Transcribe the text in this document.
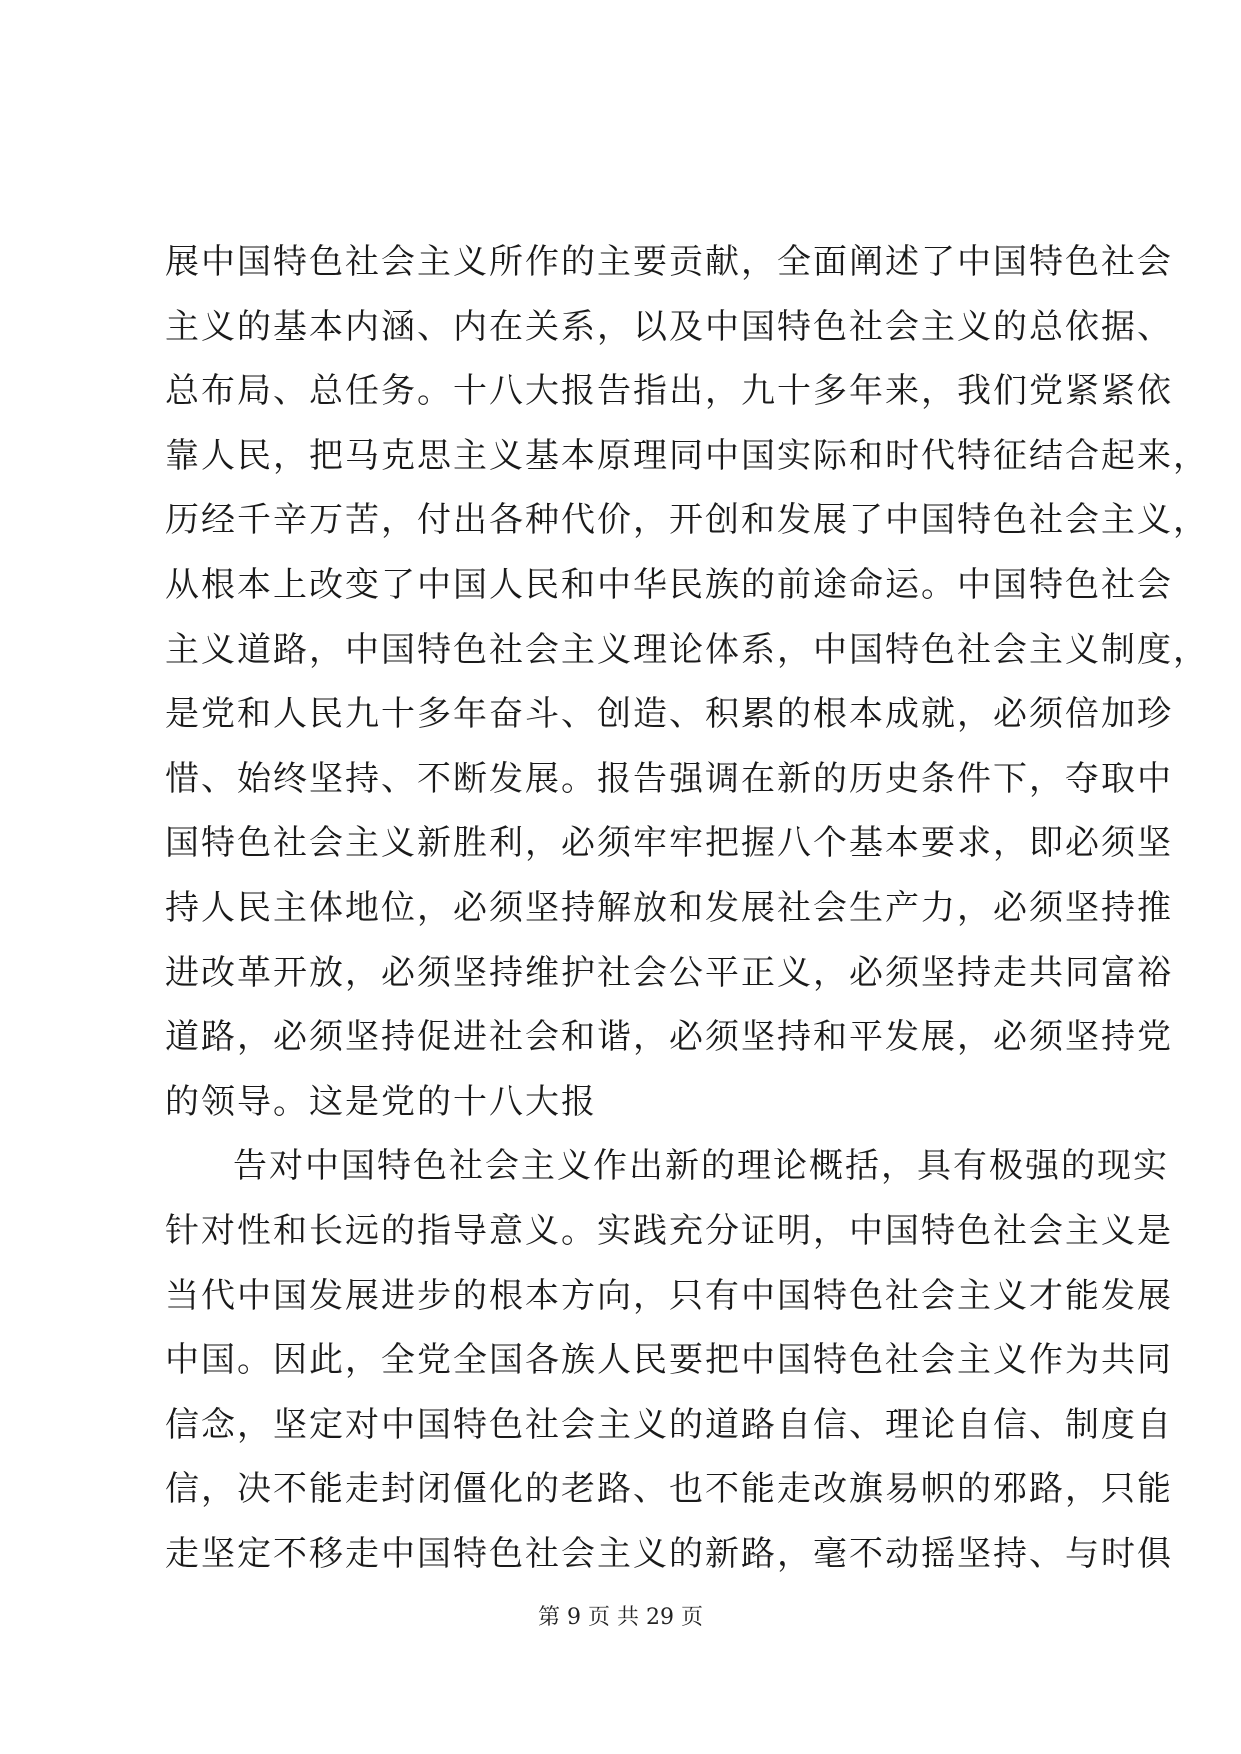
展中国特色社会主义所作的主要贡献，全面阐述了中国特色社会
主义的基本内涵、内在关系，以及中国特色社会主义的总依据、
总布局、总任务。十八大报告指出，九十多年来，我们党紧紧依
靠人民，把马克思主义基本原理同中国实际和时代特征结合起来，
历经千辛万苦，付出各种代价，开创和发展了中国特色社会主义，
从根本上改变了中国人民和中华民族的前途命运。中国特色社会
主义道路，中国特色社会主义理论体系，中国特色社会主义制度，
是党和人民九十多年奋斗、创造、积累的根本成就，必须倍加珍
惜、始终坚持、不断发展。报告强调在新的历史条件下，夺取中
国特色社会主义新胜利，必须牢牢把握八个基本要求，即必须坚
持人民主体地位，必须坚持解放和发展社会生产力，必须坚持推
进改革开放，必须坚持维护社会公平正义，必须坚持走共同富裕
道路，必须坚持促进社会和谐，必须坚持和平发展，必须坚持党
的领导。这是党的十八大报
告对中国特色社会主义作出新的理论概括，具有极强的现实
针对性和长远的指导意义。实践充分证明，中国特色社会主义是
当代中国发展进步的根本方向，只有中国特色社会主义才能发展
中国。因此，全党全国各族人民要把中国特色社会主义作为共同
信念，坚定对中国特色社会主义的道路自信、理论自信、制度自
信，决不能走封闭僵化的老路、也不能走改旗易帜的邪路，只能
走坚定不移走中国特色社会主义的新路，毫不动摇坚持、与时俱
第 9 页 共 29 页
